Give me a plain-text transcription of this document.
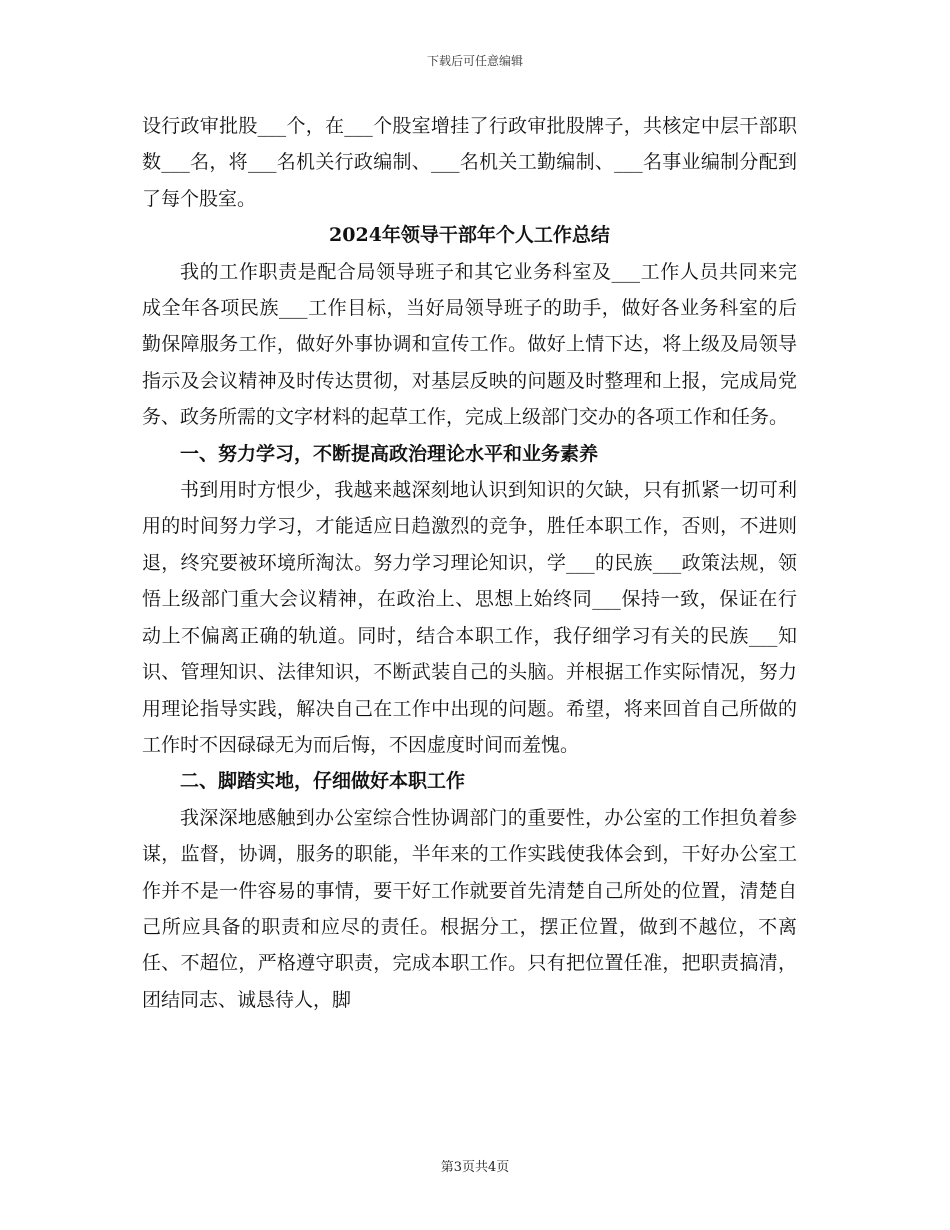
下载后可任意编辑

设行政审批股___个，在___个股室增挂了行政审批股牌子，共核定中层干部职数___名，将___名机关行政编制、___名机关工勤编制、___名事业编制分配到了每个股室。

2024年领导干部年个人工作总结

我的工作职责是配合局领导班子和其它业务科室及___工作人员共同来完成全年各项民族___工作目标，当好局领导班子的助手，做好各业务科室的后勤保障服务工作，做好外事协调和宣传工作。做好上情下达，将上级及局领导指示及会议精神及时传达贯彻，对基层反映的问题及时整理和上报，完成局党务、政务所需的文字材料的起草工作，完成上级部门交办的各项工作和任务。

一、努力学习，不断提高政治理论水平和业务素养

书到用时方恨少，我越来越深刻地认识到知识的欠缺，只有抓紧一切可利用的时间努力学习，才能适应日趋激烈的竞争，胜任本职工作，否则，不进则退，终究要被环境所淘汰。努力学习理论知识，学___的民族___政策法规，领悟上级部门重大会议精神，在政治上、思想上始终同___保持一致，保证在行动上不偏离正确的轨道。同时，结合本职工作，我仔细学习有关的民族___知识、管理知识、法律知识，不断武装自己的头脑。并根据工作实际情况，努力用理论指导实践，解决自己在工作中出现的问题。希望，将来回首自己所做的工作时不因碌碌无为而后悔，不因虚度时间而羞愧。

二、脚踏实地，仔细做好本职工作

我深深地感触到办公室综合性协调部门的重要性，办公室的工作担负着参谋，监督，协调，服务的职能，半年来的工作实践使我体会到，干好办公室工作并不是一件容易的事情，要干好工作就要首先清楚自己所处的位置，清楚自己所应具备的职责和应尽的责任。根据分工，摆正位置，做到不越位，不离任、不超位，严格遵守职责，完成本职工作。只有把位置任准，把职责搞清，团结同志、诚恳待人，脚

第3页共4页
